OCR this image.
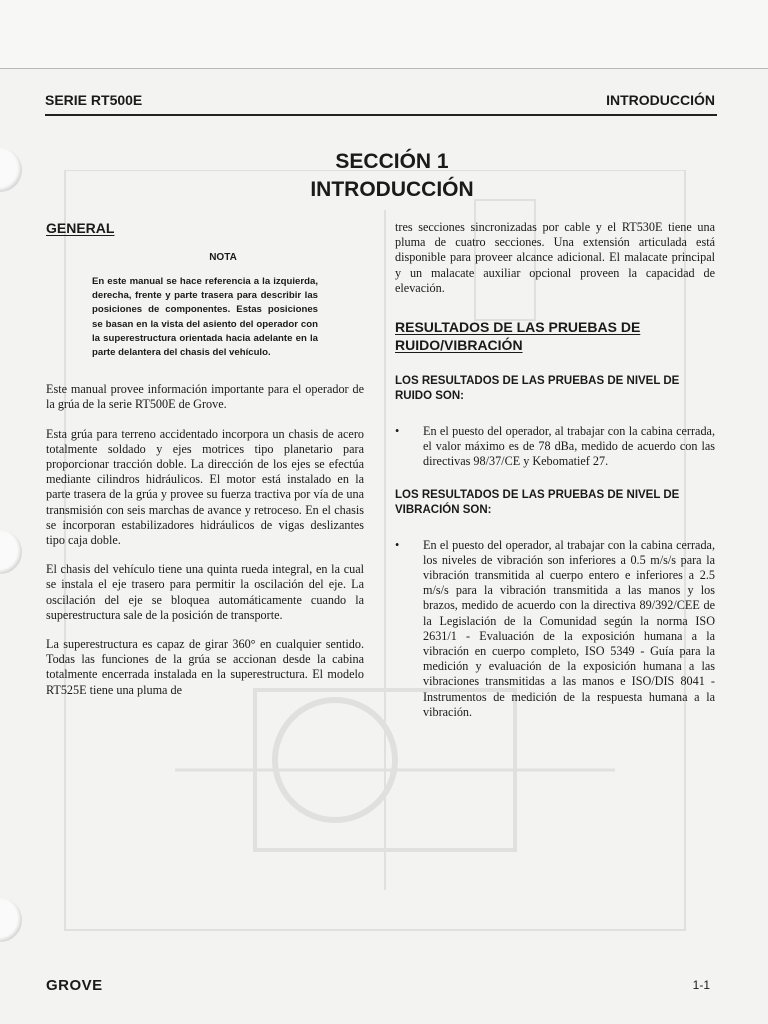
SERIE RT500E	INTRODUCCIÓN
SECCIÓN 1
INTRODUCCIÓN
GENERAL
NOTA

En este manual se hace referencia a la izquierda, derecha, frente y parte trasera para describir las posiciones de componentes. Estas posiciones se basan en la vista del asiento del operador con la superestructura orientada hacia adelante en la parte delantera del chasis del vehículo.

Este manual provee información importante para el operador de la grúa de la serie RT500E de Grove.

Esta grúa para terreno accidentado incorpora un chasis de acero totalmente soldado y ejes motrices tipo planetario para proporcionar tracción doble. La dirección de los ejes se efectúa mediante cilindros hidráulicos. El motor está instalado en la parte trasera de la grúa y provee su fuerza tractiva por vía de una transmisión con seis marchas de avance y retroceso. En el chasis se incorporan estabilizadores hidráulicos de vigas deslizantes tipo caja doble.

El chasis del vehículo tiene una quinta rueda integral, en la cual se instala el eje trasero para permitir la oscilación del eje. La oscilación del eje se bloquea automáticamente cuando la superestructura sale de la posición de transporte.

La superestructura es capaz de girar 360° en cualquier sentido. Todas las funciones de la grúa se accionan desde la cabina totalmente encerrada instalada en la superestructura. El modelo RT525E tiene una pluma de

tres secciones sincronizadas por cable y el RT530E tiene una pluma de cuatro secciones. Una extensión articulada está disponible para proveer alcance adicional. El malacate principal y un malacate auxiliar opcional proveen la capacidad de elevación.

RESULTADOS DE LAS PRUEBAS DE
RUIDO/VIBRACIÓN

LOS RESULTADOS DE LAS PRUEBAS DE NIVEL DE RUIDO SON:

• En el puesto del operador, al trabajar con la cabina cerrada, el valor máximo es de 78 dBa, medido de acuerdo con las directivas 98/37/CE y Kebomatief 27.

LOS RESULTADOS DE LAS PRUEBAS DE NIVEL DE VIBRACIÓN SON:

• En el puesto del operador, al trabajar con la cabina cerrada, los niveles de vibración son inferiores a 0.5 m/s/s para la vibración transmitida al cuerpo entero e inferiores a 2.5 m/s/s para la vibración transmitida a las manos y los brazos, medido de acuerdo con la directiva 89/392/CEE de la Legislación de la Comunidad según la norma ISO 2631/1 - Evaluación de la exposición humana a la vibración en cuerpo completo, ISO 5349 - Guía para la medición y evaluación de la exposición humana a las vibraciones transmitidas a las manos e ISO/DIS 8041 - Instrumentos de medición de la respuesta humana a la vibración.
GROVE	1-1
